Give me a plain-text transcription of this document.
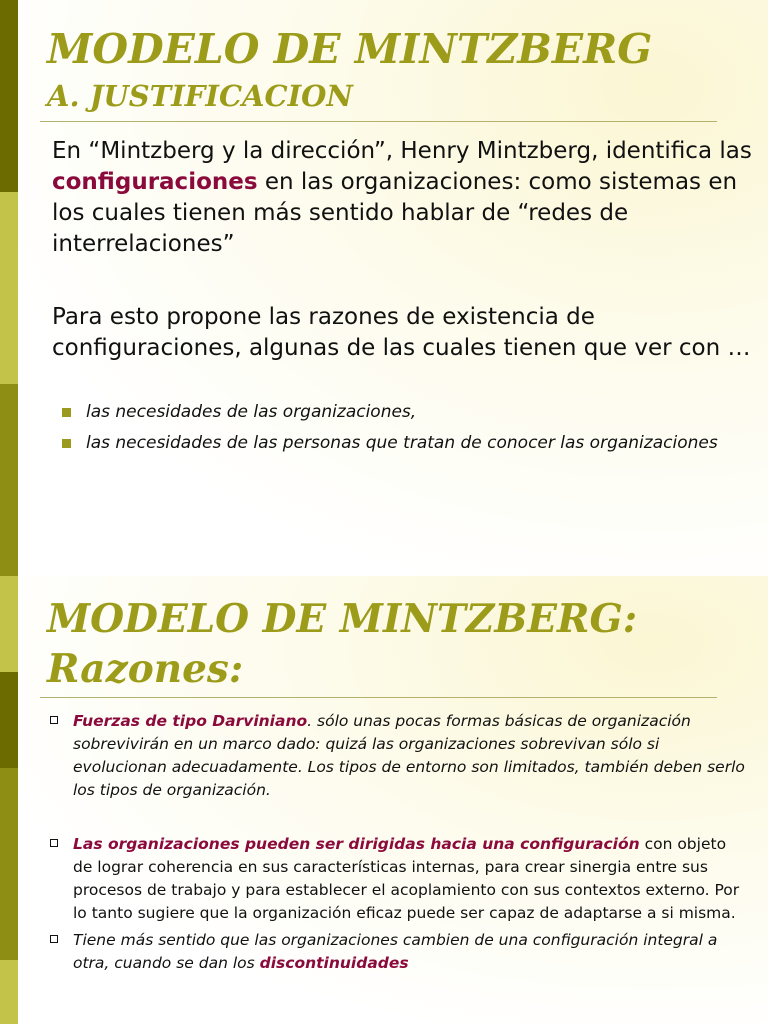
MODELO DE MINTZBERG
A. JUSTIFICACION
En “Mintzberg y la dirección”, Henry Mintzberg, identifica las configuraciones en las organizaciones: como sistemas en los cuales tienen más sentido hablar de “redes de interrelaciones”
Para esto propone las razones de existencia de configuraciones, algunas de las cuales tienen que ver con …
las necesidades de las organizaciones,
las necesidades de las personas que tratan de conocer las organizaciones
MODELO DE MINTZBERG:
Razones:
Fuerzas de tipo Darviniano. sólo unas pocas formas básicas de organización sobrevivirán en un marco dado: quizá las organizaciones sobrevivan sólo si evolucionan adecuadamente. Los tipos de entorno son limitados, también deben serlo los tipos de organización.
Las organizaciones pueden ser dirigidas hacia una configuración con objeto de lograr coherencia en sus características internas, para crear sinergia entre sus procesos de trabajo y para establecer el acoplamiento con sus contextos externo. Por lo tanto sugiere que la organización eficaz puede ser capaz de adaptarse a si misma.
Tiene más sentido que las organizaciones cambien de una configuración integral a otra, cuando se dan los discontinuidades
